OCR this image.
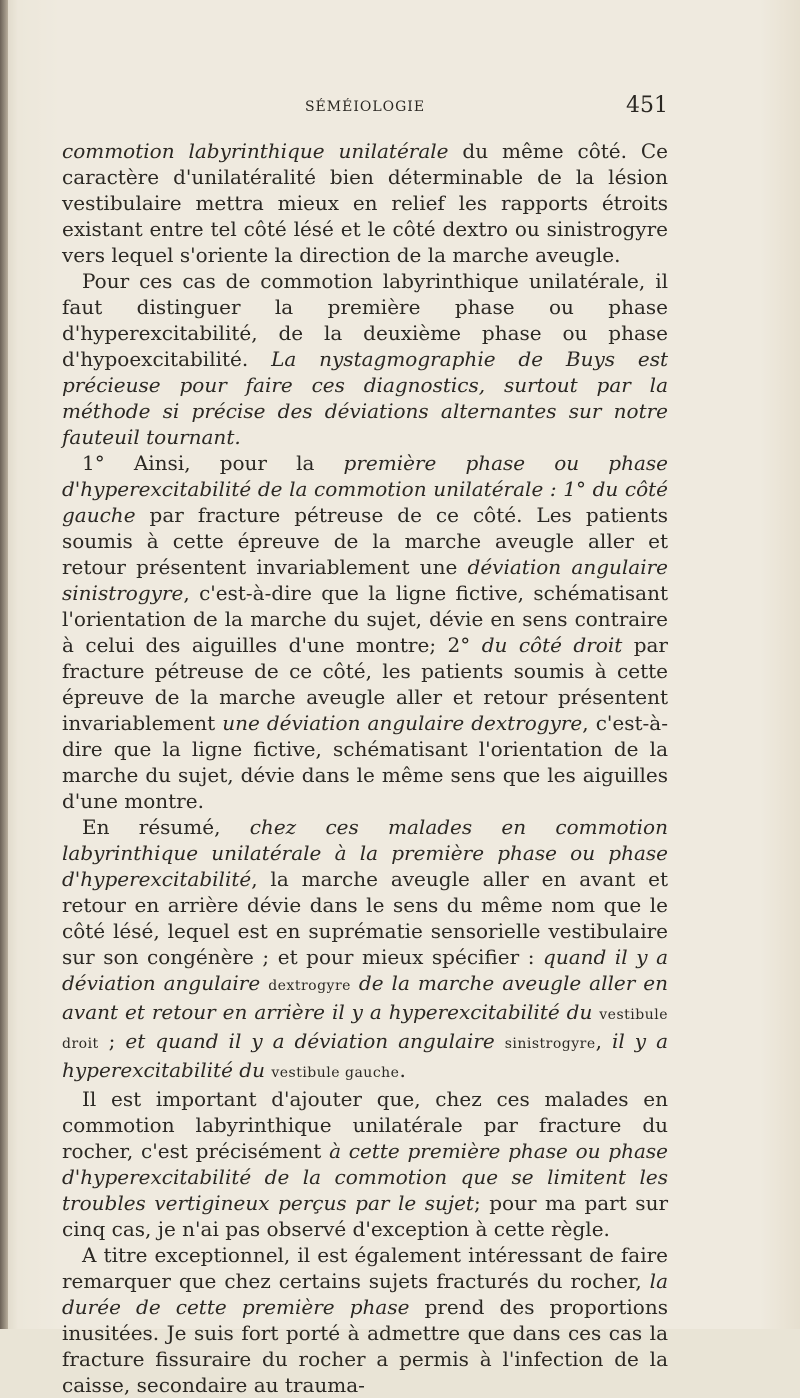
SÉMÉIOLOGIE	451

commotion labyrinthique unilatérale du même côté. Ce caractère d'unilatéralité bien déterminable de la lésion vestibulaire mettra mieux en relief les rapports étroits existant entre tel côté lésé et le côté dextro ou sinistrogyre vers lequel s'oriente la direction de la marche aveugle.

Pour ces cas de commotion labyrinthique unilatérale, il faut distinguer la première phase ou phase d'hyperexcitabilité, de la deuxième phase ou phase d'hypoexcitabilité. La nystagmographie de Buys est précieuse pour faire ces diagnostics, surtout par la méthode si précise des déviations alternantes sur notre fauteuil tournant.

1° Ainsi, pour la première phase ou phase d'hyperexcitabilité de la commotion unilatérale : 1° du côté gauche par fracture pétreuse de ce côté. Les patients soumis à cette épreuve de la marche aveugle aller et retour présentent invariablement une déviation angulaire sinistrogyre, c'est-à-dire que la ligne fictive, schématisant l'orientation de la marche du sujet, dévie en sens contraire à celui des aiguilles d'une montre; 2° du côté droit par fracture pétreuse de ce côté, les patients soumis à cette épreuve de la marche aveugle aller et retour présentent invariablement une déviation angulaire dextrogyre, c'est-à-dire que la ligne fictive, schématisant l'orientation de la marche du sujet, dévie dans le même sens que les aiguilles d'une montre.

En résumé, chez ces malades en commotion labyrinthique unilatérale à la première phase ou phase d'hyperexcitabilité, la marche aveugle aller en avant et retour en arrière dévie dans le sens du même nom que le côté lésé, lequel est en suprématie sensorielle vestibulaire sur son congénère ; et pour mieux spécifier : quand il y a déviation angulaire dextrogyre de la marche aveugle aller en avant et retour en arrière il y a hyperexcitabilité du vestibule droit ; et quand il y a déviation angulaire sinistrogyre, il y a hyperexcitabilité du vestibule gauche.

Il est important d'ajouter que, chez ces malades en commotion labyrinthique unilatérale par fracture du rocher, c'est précisément à cette première phase ou phase d'hyperexcitabilité de la commotion que se limitent les troubles vertigineux perçus par le sujet; pour ma part sur cinq cas, je n'ai pas observé d'exception à cette règle.

A titre exceptionnel, il est également intéressant de faire remarquer que chez certains sujets fracturés du rocher, la durée de cette première phase prend des proportions inusitées. Je suis fort porté à admettre que dans ces cas la fracture fissuraire du rocher a permis à l'infection de la caisse, secondaire au trauma-
